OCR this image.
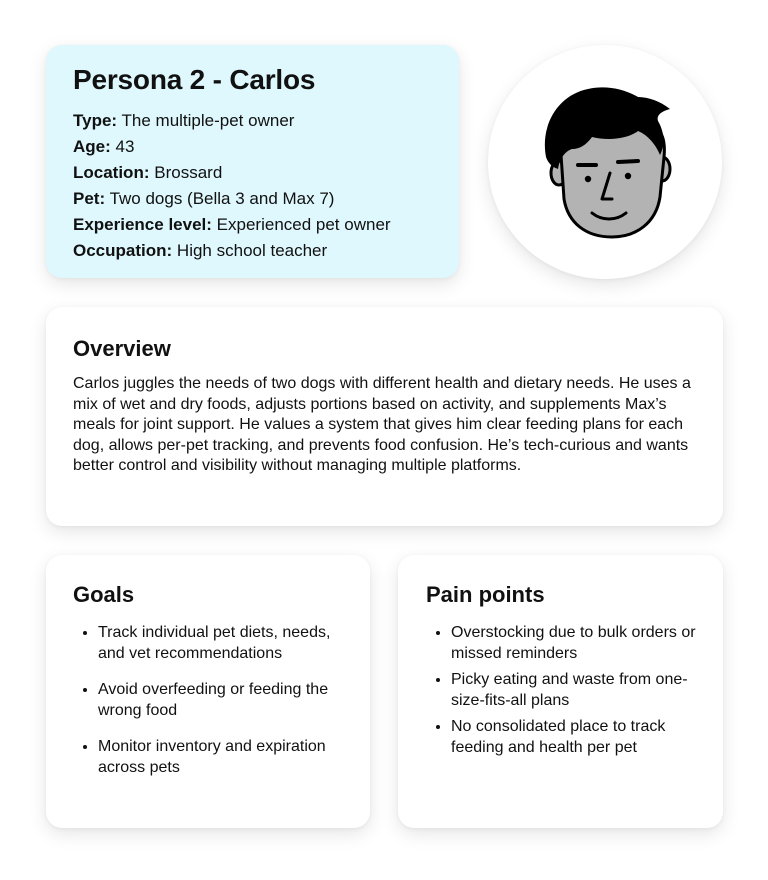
Persona 2 - Carlos
Type: The multiple-pet owner
Age: 43
Location: Brossard
Pet: Two dogs (Bella 3 and Max 7)
Experience level: Experienced pet owner
Occupation: High school teacher
Overview

Carlos juggles the needs of two dogs with different health and dietary needs. He uses a mix of wet and dry foods, adjusts portions based on activity, and supplements Max’s meals for joint support. He values a system that gives him clear feeding plans for each dog, allows per-pet tracking, and prevents food confusion. He’s tech-curious and wants better control and visibility without managing multiple platforms.

Goals
• Track individual pet diets, needs, and vet recommendations
• Avoid overfeeding or feeding the wrong food
• Monitor inventory and expiration across pets
Pain points
• Overstocking due to bulk orders or missed reminders
• Picky eating and waste from one-size-fits-all plans
• No consolidated place to track feeding and health per pet
